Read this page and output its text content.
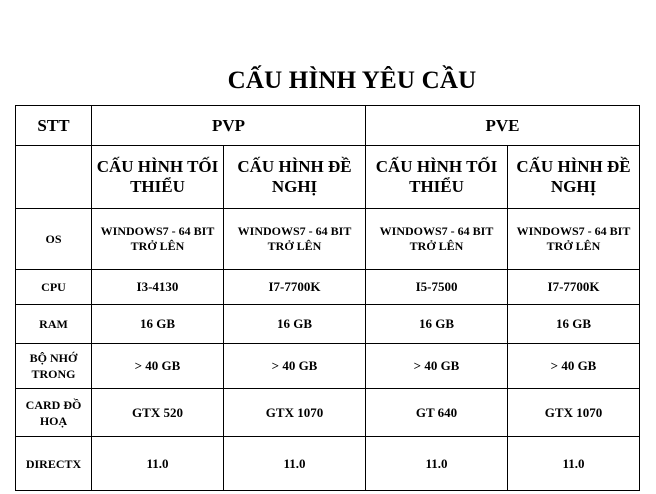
CẤU HÌNH YÊU CẦU
STT	PVP		PVE	
	CẤU HÌNH TỐI THIỂU	CẤU HÌNH ĐỀ NGHỊ	CẤU HÌNH TỐI THIỂU	CẤU HÌNH ĐỀ NGHỊ
OS	WINDOWS7 - 64 BIT TRỞ LÊN	WINDOWS7 - 64 BIT TRỞ LÊN	WINDOWS7 - 64 BIT TRỞ LÊN	WINDOWS7 - 64 BIT TRỞ LÊN
CPU	I3-4130	I7-7700K	I5-7500	I7-7700K
RAM	16 GB	16 GB	16 GB	16 GB
BỘ NHỚ TRONG	> 40 GB	> 40 GB	> 40 GB	> 40 GB
CARD ĐỒ HOẠ	GTX 520	GTX 1070	GT 640	GTX 1070
DIRECTX	11.0	11.0	11.0	11.0
